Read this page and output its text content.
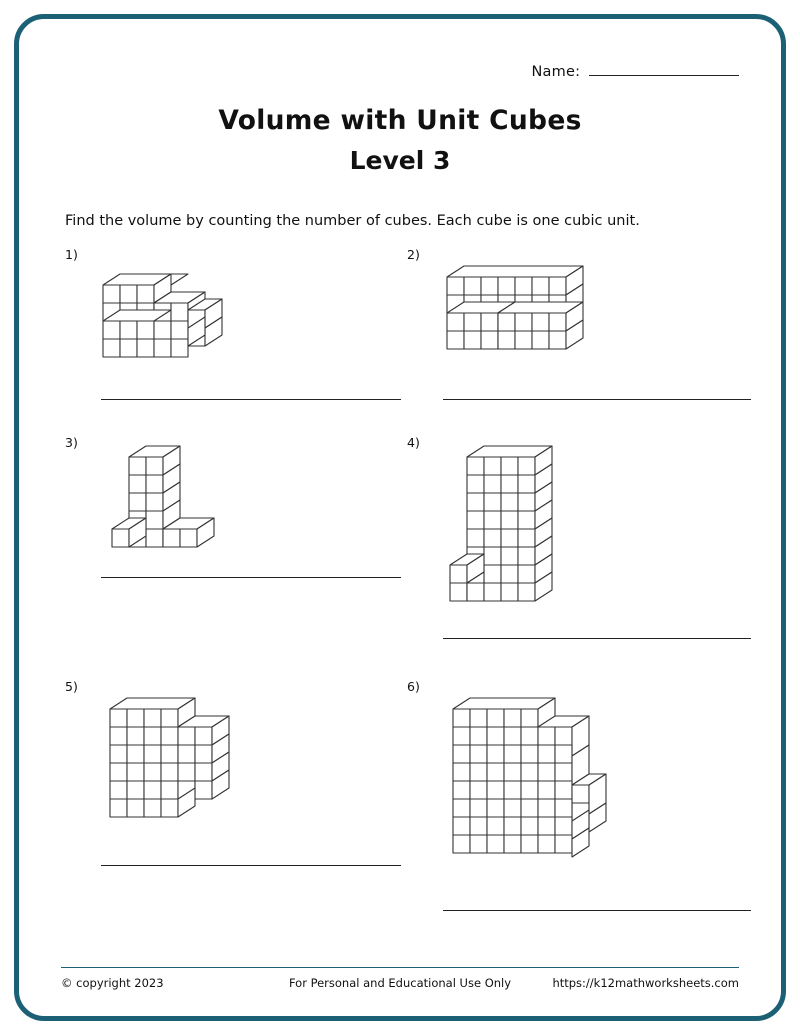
Name:
Volume with Unit Cubes
Level 3
Find the volume by counting the number of cubes. Each cube is one cubic unit.
1)	2)
3)	4)
5)	6)
© copyright 2023	For Personal and Educational Use Only	https://k12mathworksheets.com
